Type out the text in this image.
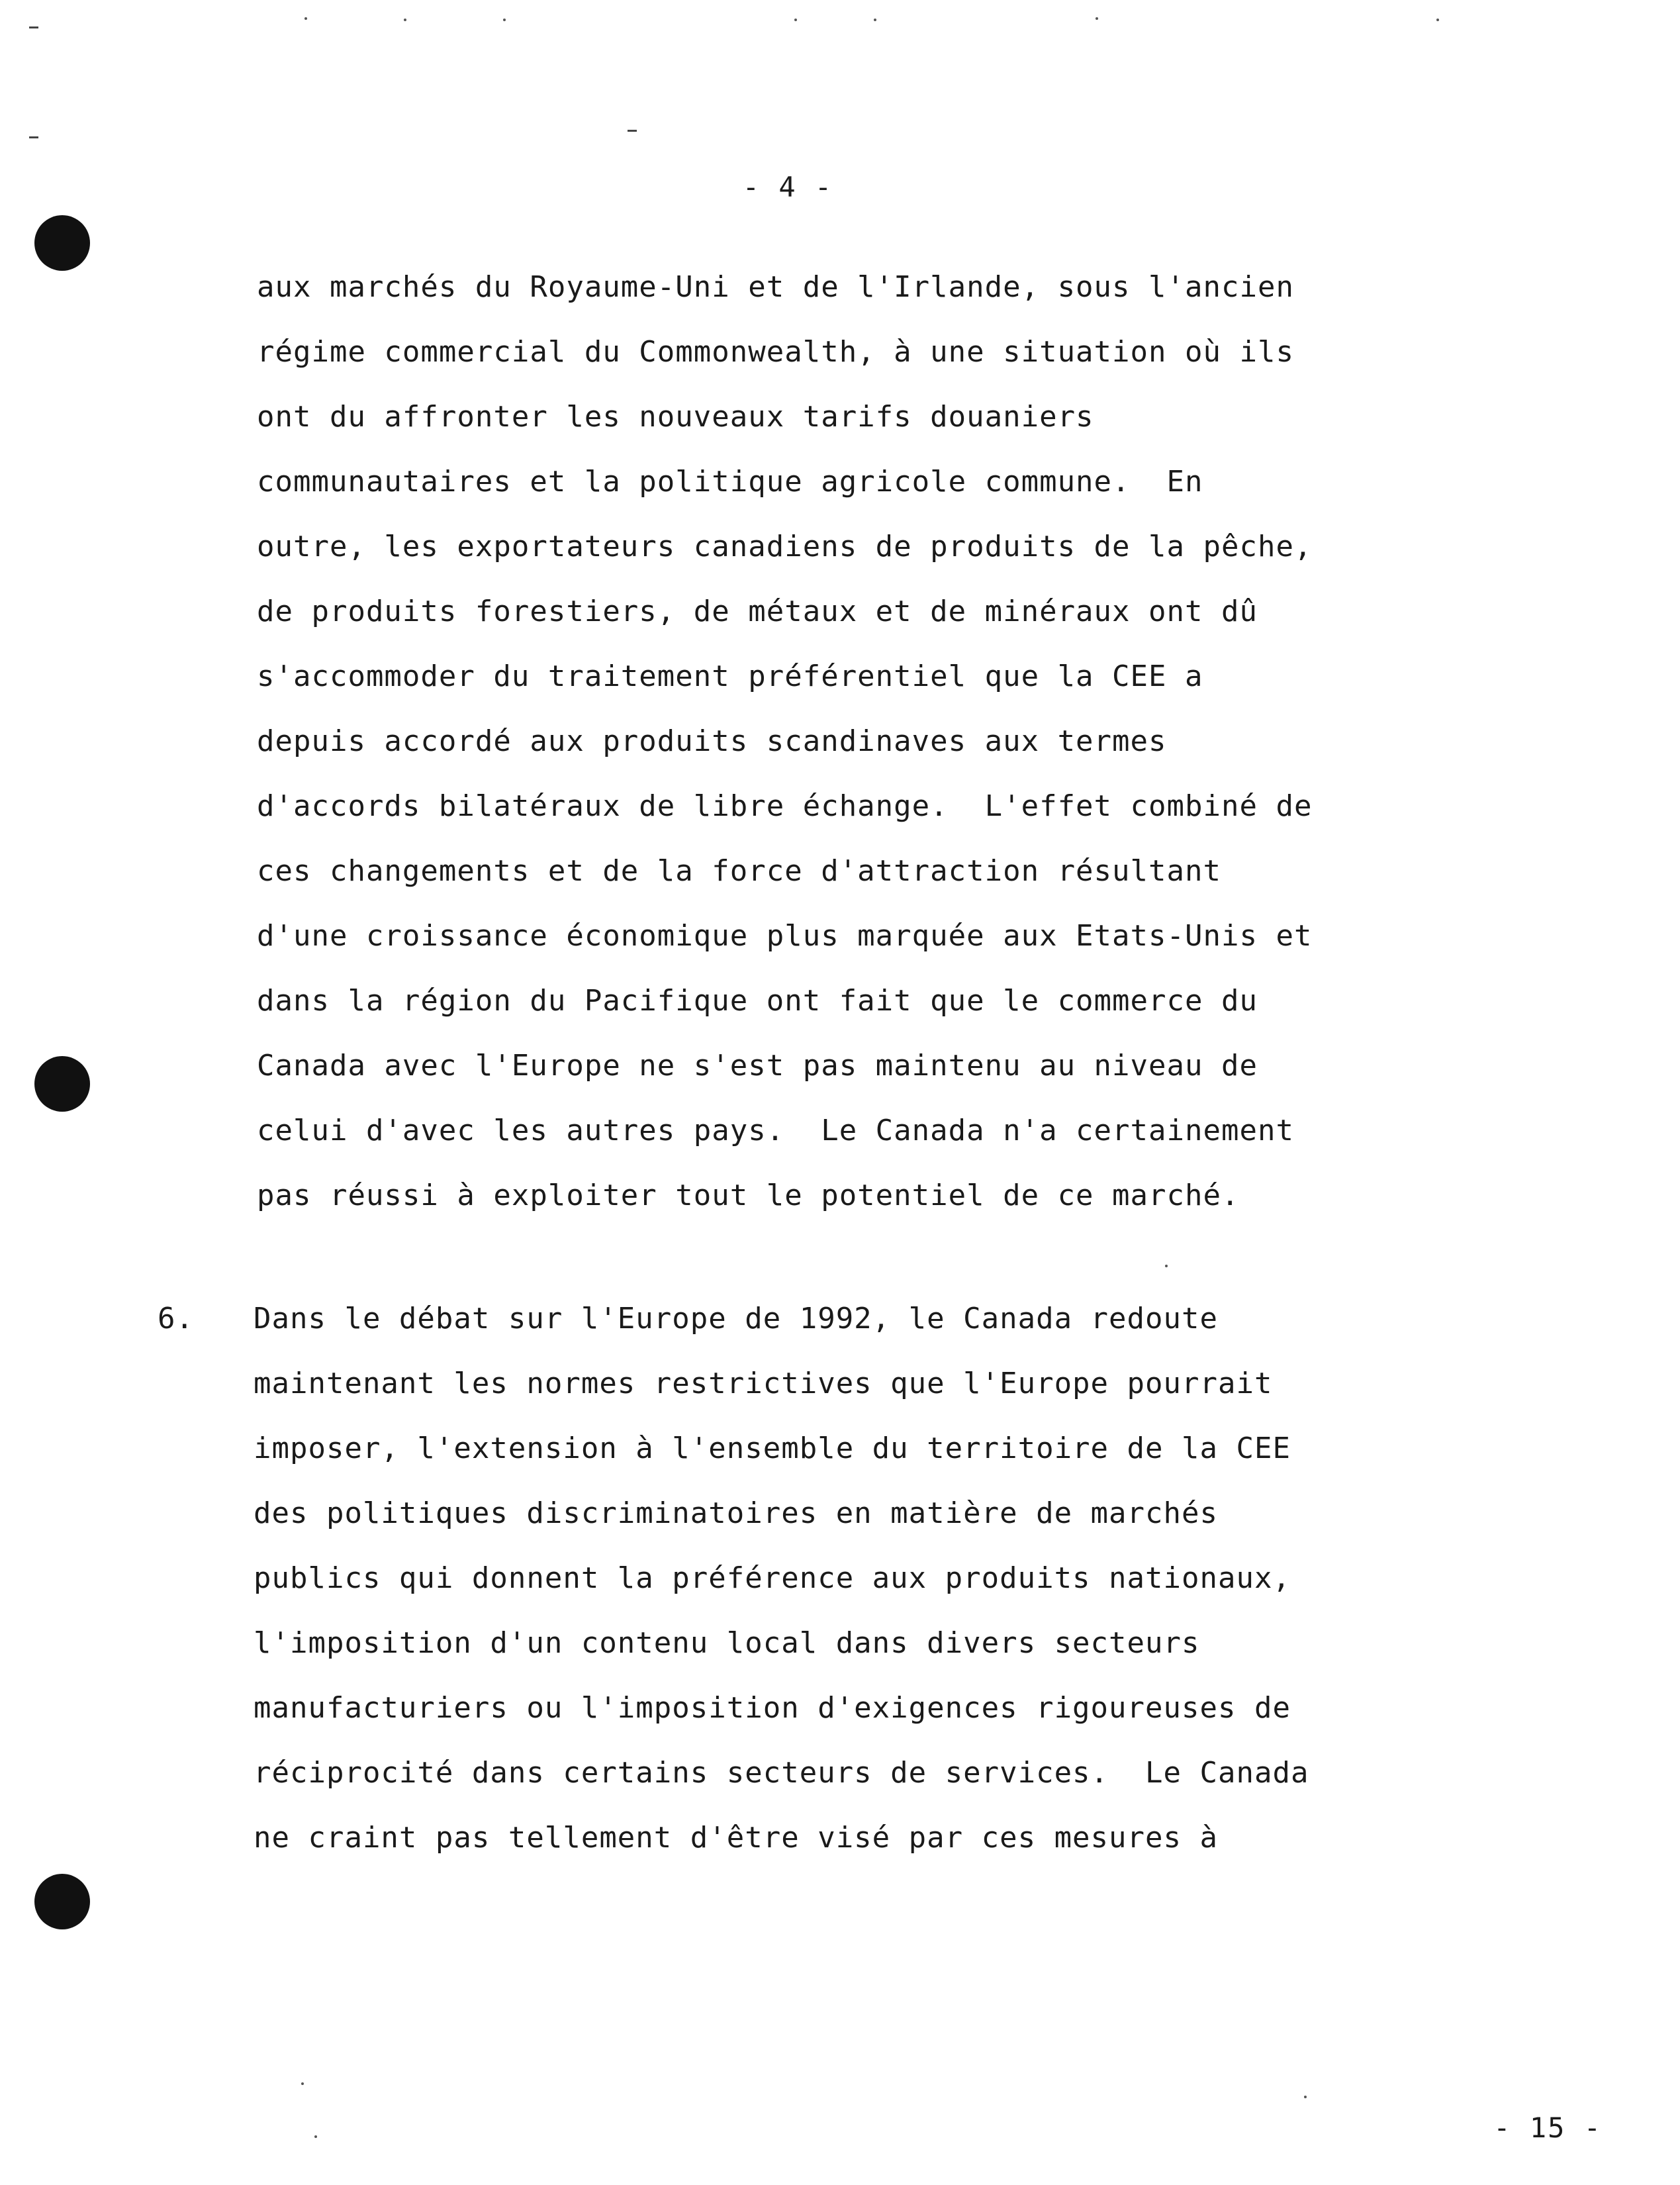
- 4 -
aux marchés du Royaume-Uni et de l'Irlande, sous l'ancien
régime commercial du Commonwealth, à une situation où ils
ont du affronter les nouveaux tarifs douaniers
communautaires et la politique agricole commune.  En
outre, les exportateurs canadiens de produits de la pêche,
de produits forestiers, de métaux et de minéraux ont dû
s'accommoder du traitement préférentiel que la CEE a
depuis accordé aux produits scandinaves aux termes
d'accords bilatéraux de libre échange.  L'effet combiné de
ces changements et de la force d'attraction résultant
d'une croissance économique plus marquée aux Etats-Unis et
dans la région du Pacifique ont fait que le commerce du
Canada avec l'Europe ne s'est pas maintenu au niveau de
celui d'avec les autres pays.  Le Canada n'a certainement
pas réussi à exploiter tout le potentiel de ce marché.
6. Dans le débat sur l'Europe de 1992, le Canada redoute
maintenant les normes restrictives que l'Europe pourrait
imposer, l'extension à l'ensemble du territoire de la CEE
des politiques discriminatoires en matière de marchés
publics qui donnent la préférence aux produits nationaux,
l'imposition d'un contenu local dans divers secteurs
manufacturiers ou l'imposition d'exigences rigoureuses de
réciprocité dans certains secteurs de services.  Le Canada
ne craint pas tellement d'être visé par ces mesures à
- 15 -
